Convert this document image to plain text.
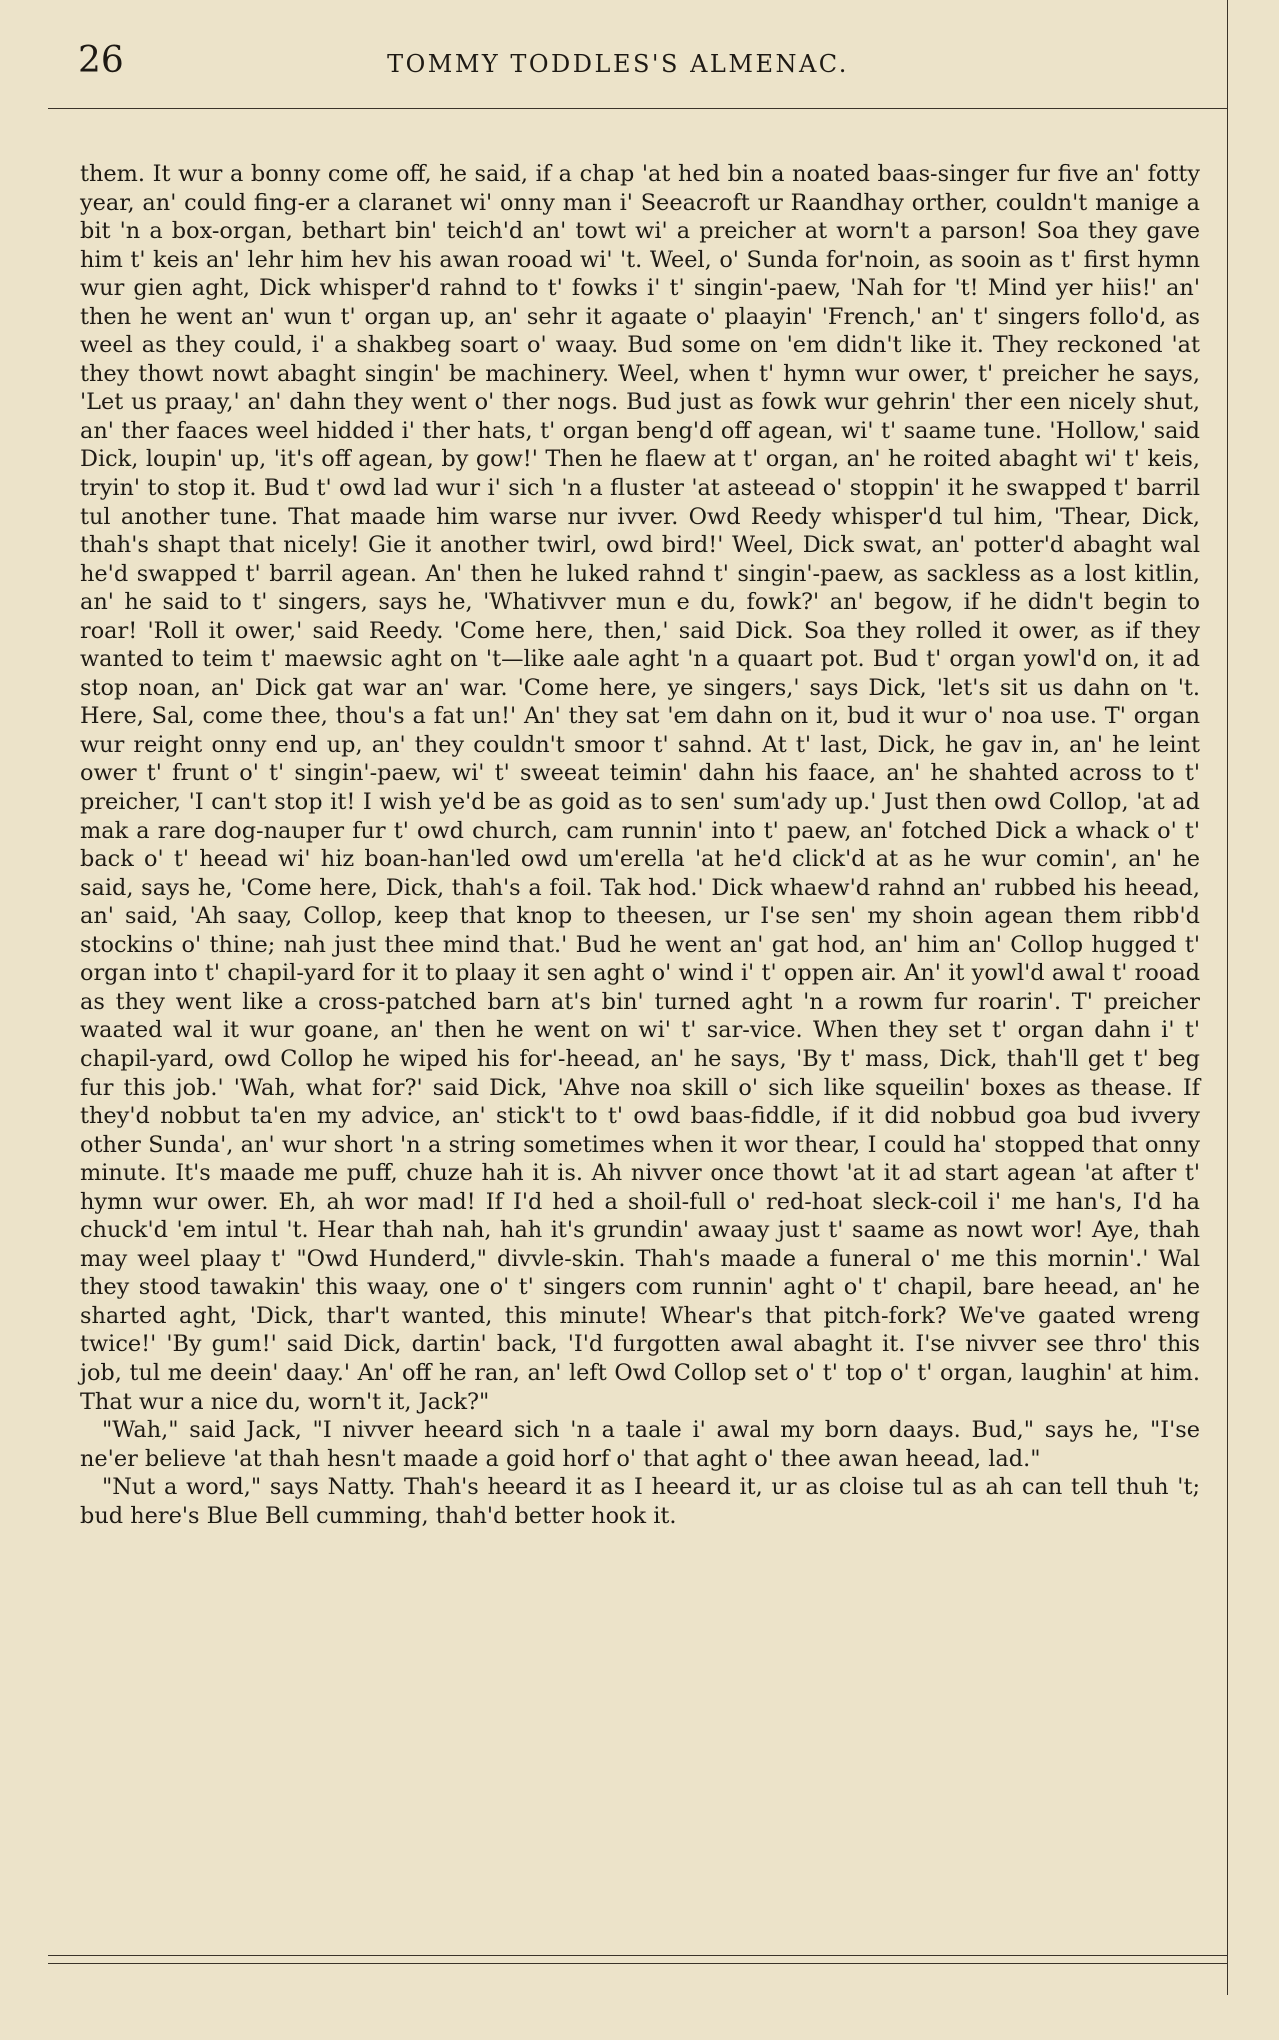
26	TOMMY TODDLES'S ALMENAC.

them. It wur a bonny come off, he said, if a chap 'at hed bin a noated baas-singer fur five an' fotty year, an' could fing-er a claranet wi' onny man i' Seeacroft ur Raandhay orther, couldn't manige a bit 'n a box-organ, bethart bin' teich'd an' towt wi' a preicher at worn't a parson! Soa they gave him t' keis an' lehr him hev his awan rooad wi' 't. Weel, o' Sunda for'noin, as sooin as t' first hymn wur gien aght, Dick whisper'd rahnd to t' fowks i' t' singin'-paew, 'Nah for 't! Mind yer hiis!' an' then he went an' wun t' organ up, an' sehr it agaate o' plaayin' 'French,' an' t' singers follo'd, as weel as they could, i' a shakbeg soart o' waay. Bud some on 'em didn't like it. They reckoned 'at they thowt nowt abaght singin' be machinery. Weel, when t' hymn wur ower, t' preicher he says, 'Let us praay,' an' dahn they went o' ther nogs. Bud just as fowk wur gehrin' ther een nicely shut, an' ther faaces weel hidded i' ther hats, t' organ beng'd off agean, wi' t' saame tune. 'Hollow,' said Dick, loupin' up, 'it's off agean, by gow!' Then he flaew at t' organ, an' he roited abaght wi' t' keis, tryin' to stop it. Bud t' owd lad wur i' sich 'n a fluster 'at asteead o' stoppin' it he swapped t' barril tul another tune. That maade him warse nur ivver. Owd Reedy whisper'd tul him, 'Thear, Dick, thah's shapt that nicely! Gie it another twirl, owd bird!' Weel, Dick swat, an' potter'd abaght wal he'd swapped t' barril agean. An' then he luked rahnd t' singin'-paew, as sackless as a lost kitlin, an' he said to t' singers, says he, 'Whativver mun e du, fowk?' an' begow, if he didn't begin to roar! 'Roll it ower,' said Reedy. 'Come here, then,' said Dick. Soa they rolled it ower, as if they wanted to teim t' maewsic aght on 't—like aale aght 'n a quaart pot. Bud t' organ yowl'd on, it ad stop noan, an' Dick gat war an' war. 'Come here, ye singers,' says Dick, 'let's sit us dahn on 't. Here, Sal, come thee, thou's a fat un!' An' they sat 'em dahn on it, bud it wur o' noa use. T' organ wur reight onny end up, an' they couldn't smoor t' sahnd. At t' last, Dick, he gav in, an' he leint ower t' frunt o' t' singin'-paew, wi' t' sweeat teimin' dahn his faace, an' he shahted across to t' preicher, 'I can't stop it! I wish ye'd be as goid as to sen' sum'ady up.' Just then owd Collop, 'at ad mak a rare dog-nauper fur t' owd church, cam runnin' into t' paew, an' fotched Dick a whack o' t' back o' t' heead wi' hiz boan-han'led owd um'erella 'at he'd click'd at as he wur comin', an' he said, says he, 'Come here, Dick, thah's a foil. Tak hod.' Dick whaew'd rahnd an' rubbed his heead, an' said, 'Ah saay, Collop, keep that knop to theesen, ur I'se sen' my shoin agean them ribb'd stockins o' thine; nah just thee mind that.' Bud he went an' gat hod, an' him an' Collop hugged t' organ into t' chapil-yard for it to plaay it sen aght o' wind i' t' oppen air. An' it yowl'd awal t' rooad as they went like a cross-patched barn at's bin' turned aght 'n a rowm fur roarin'. T' preicher waated wal it wur goane, an' then he went on wi' t' sar-vice. When they set t' organ dahn i' t' chapil-yard, owd Collop he wiped his for'-heead, an' he says, 'By t' mass, Dick, thah'll get t' beg fur this job.' 'Wah, what for?' said Dick, 'Ahve noa skill o' sich like squeilin' boxes as thease. If they'd nobbut ta'en my advice, an' stick't to t' owd baas-fiddle, if it did nobbud goa bud ivvery other Sunda', an' wur short 'n a string sometimes when it wor thear, I could ha' stopped that onny minute. It's maade me puff, chuze hah it is. Ah nivver once thowt 'at it ad start agean 'at after t' hymn wur ower. Eh, ah wor mad! If I'd hed a shoil-full o' red-hoat sleck-coil i' me han's, I'd ha chuck'd 'em intul 't. Hear thah nah, hah it's grundin' awaay just t' saame as nowt wor! Aye, thah may weel plaay t' "Owd Hunderd," divvle-skin. Thah's maade a funeral o' me this mornin'.' Wal they stood tawakin' this waay, one o' t' singers com runnin' aght o' t' chapil, bare heead, an' he sharted aght, 'Dick, thar't wanted, this minute! Whear's that pitch-fork? We've gaated wreng twice!' 'By gum!' said Dick, dartin' back, 'I'd furgotten awal abaght it. I'se nivver see thro' this job, tul me deein' daay.' An' off he ran, an' left Owd Collop set o' t' top o' t' organ, laughin' at him. That wur a nice du, worn't it, Jack?"

"Wah," said Jack, "I nivver heeard sich 'n a taale i' awal my born daays. Bud," says he, "I'se ne'er believe 'at thah hesn't maade a goid horf o' that aght o' thee awan heead, lad."

"Nut a word," says Natty. Thah's heeard it as I heeard it, ur as cloise tul as ah can tell thuh 't; bud here's Blue Bell cumming, thah'd better hook it.
